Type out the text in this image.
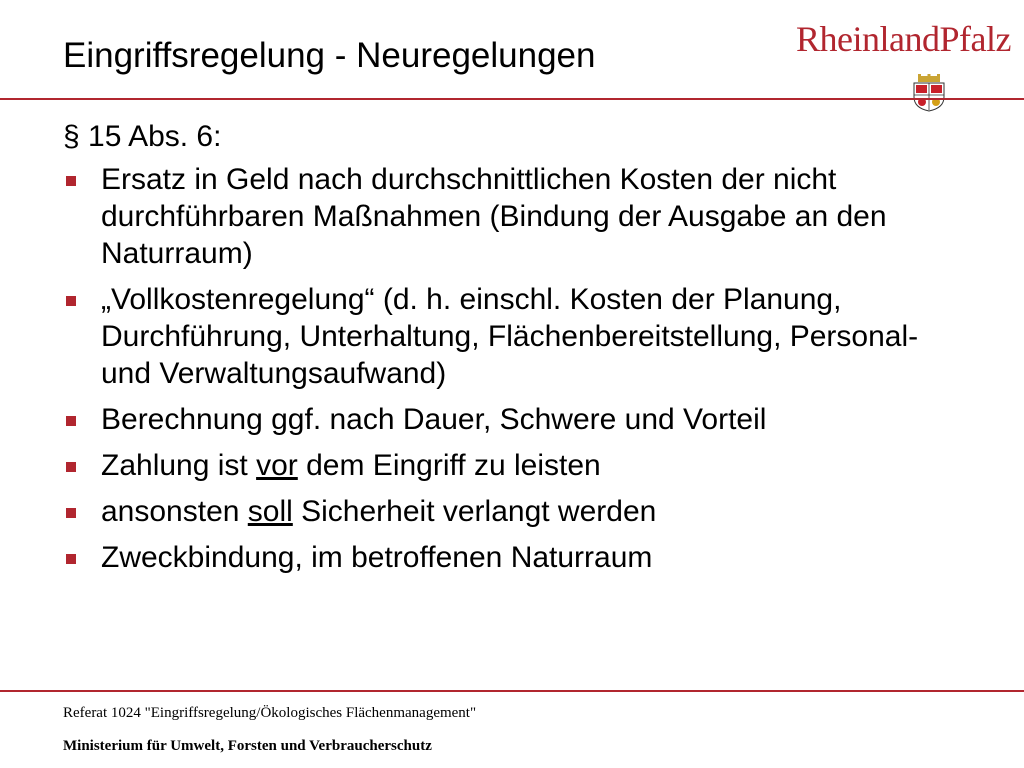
Eingriffsregelung - Neuregelungen	RheinlandPfalz

§ 15 Abs. 6:

Ersatz in Geld nach durchschnittlichen Kosten der nicht durchführbaren Maßnahmen (Bindung der Ausgabe an den Naturraum)
„Vollkostenregelung“ (d. h. einschl. Kosten der Planung, Durchführung, Unterhaltung, Flächenbereitstellung, Personal- und Verwaltungsaufwand)
Berechnung ggf. nach Dauer, Schwere und Vorteil
Zahlung ist vor dem Eingriff zu leisten
ansonsten soll Sicherheit verlangt werden
Zweckbindung, im betroffenen Naturraum
Referat 1024 "Eingriffsregelung/Ökologisches Flächenmanagement"
Ministerium für Umwelt, Forsten und Verbraucherschutz
